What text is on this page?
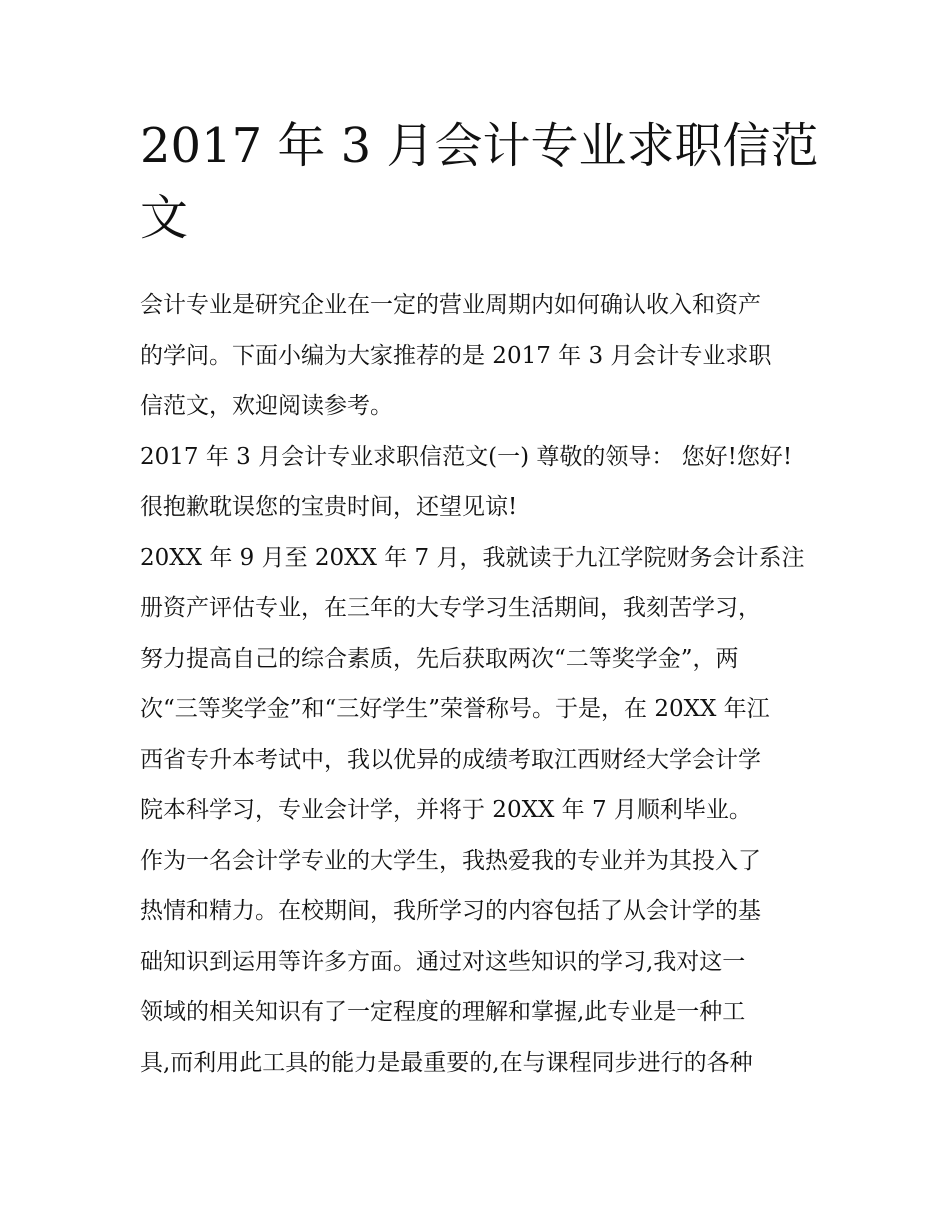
2017 年 3 月会计专业求职信范
文
会计专业是研究企业在一定的营业周期内如何确认收入和资产
的学问。下面小编为大家推荐的是 2017 年 3 月会计专业求职
信范文，欢迎阅读参考。
2017 年 3 月会计专业求职信范文(一) 尊敬的领导： 您好!您好!
很抱歉耽误您的宝贵时间，还望见谅!
20XX 年 9 月至 20XX 年 7 月，我就读于九江学院财务会计系注
册资产评估专业，在三年的大专学习生活期间，我刻苦学习，
努力提高自己的综合素质，先后获取两次“二等奖学金”，两
次“三等奖学金”和“三好学生”荣誉称号。于是，在 20XX 年江
西省专升本考试中，我以优异的成绩考取江西财经大学会计学
院本科学习，专业会计学，并将于 20XX 年 7 月顺利毕业。
作为一名会计学专业的大学生，我热爱我的专业并为其投入了
热情和精力。在校期间，我所学习的内容包括了从会计学的基
础知识到运用等许多方面。通过对这些知识的学习,我对这一
领域的相关知识有了一定程度的理解和掌握,此专业是一种工
具,而利用此工具的能力是最重要的,在与课程同步进行的各种
